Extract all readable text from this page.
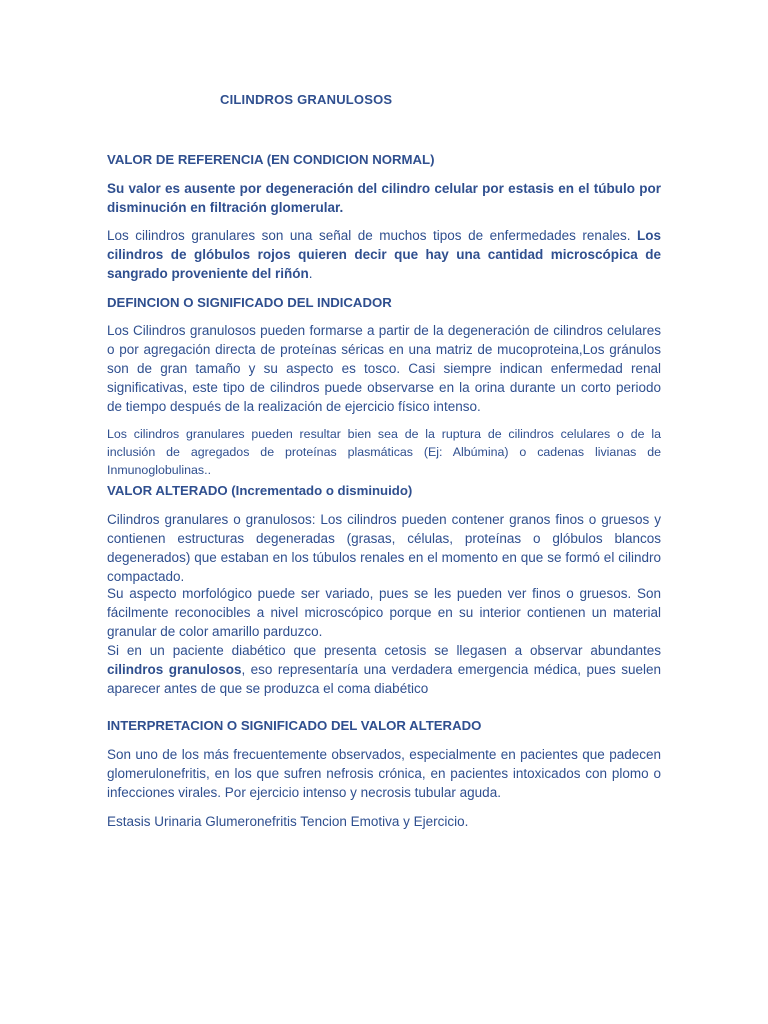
CILINDROS GRANULOSOS
VALOR DE REFERENCIA (EN CONDICION NORMAL)

Su valor es ausente por degeneración del cilindro celular por estasis en el túbulo por disminución en filtración glomerular.

Los cilindros granulares son una señal de muchos tipos de enfermedades renales. Los cilindros de glóbulos rojos quieren decir que hay una cantidad microscópica de sangrado proveniente del riñón.

DEFINCION O SIGNIFICADO DEL INDICADOR

Los Cilindros granulosos pueden formarse a partir de la degeneración de cilindros celulares o por agregación directa de proteínas séricas en una matriz de mucoproteina,Los gránulos son de gran tamaño y su aspecto es tosco. Casi siempre indican enfermedad renal significativas, este tipo de cilindros puede observarse en la orina durante un corto periodo de tiempo después de la realización de ejercicio físico intenso.

Los cilindros granulares pueden resultar bien sea de la ruptura de cilindros celulares o de la inclusión de agregados de proteínas plasmáticas (Ej: Albúmina) o cadenas livianas de Inmunoglobulinas..

VALOR ALTERADO (Incrementado o disminuido)

Cilindros granulares o granulosos: Los cilindros pueden contener granos finos o gruesos y contienen estructuras degeneradas (grasas, células, proteínas o glóbulos blancos degenerados) que estaban en los túbulos renales en el momento en que se formó el cilindro compactado.

Su aspecto morfológico puede ser variado, pues se les pueden ver finos o gruesos. Son fácilmente reconocibles a nivel microscópico porque en su interior contienen un material granular de color amarillo parduzco.

Si en un paciente diabético que presenta cetosis se llegasen a observar abundantes cilindros granulosos, eso representaría una verdadera emergencia médica, pues suelen aparecer antes de que se produzca el coma diabético

INTERPRETACION O SIGNIFICADO DEL VALOR ALTERADO

Son uno de los más frecuentemente observados, especialmente en pacientes que padecen glomerulonefritis, en los que sufren nefrosis crónica, en pacientes intoxicados con plomo o infecciones virales. Por ejercicio intenso y necrosis tubular aguda.

Estasis Urinaria Glumeronefritis Tencion Emotiva y Ejercicio.
